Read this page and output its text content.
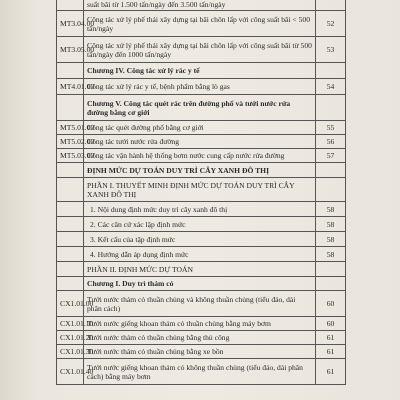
	suất bãi từ 1.500 tấn/ngày đến 3.500 tấn/ngày	
MT3.04.00	Công tác xử lý phế thải xây dựng tại bãi chôn lấp với công suất bãi < 500 tấn/ngày	52
MT3.05.00	Công tác xử lý phế thải xây dựng tại bãi chôn lấp với công suất bãi từ 500 tấn/ngày đến 1000 tấn/ngày	53
	Chương IV. Công tác xử lý rác y tế	
MT4.01.00	Công tác xử lý rác y tế, bệnh phẩm bằng lò gas	54
	Chương V. Công tác quét rác trên đường phố và tưới nước rửa đường bằng cơ giới	
MT5.01.00	Công tác quét đường phố bằng cơ giới	55
MT5.02.00	Công tác tưới nước rửa đường	56
MT5.03.00	Công tác vận hành hệ thống bơm nước cung cấp nước rửa đường	57
	ĐỊNH MỨC DỰ TOÁN DUY TRÌ CÂY XANH ĐÔ THỊ	
	PHẦN I. THUYẾT MINH ĐỊNH MỨC DỰ TOÁN DUY TRÌ CÂY XANH ĐÔ THỊ	
	1. Nội dung định mức duy trì cây xanh đô thị	58
	2. Các căn cứ xác lập định mức	58
	3. Kết cấu của tập định mức	58
	4. Hướng dẫn áp dụng định mức	58
	PHẦN II. ĐỊNH MỨC DỰ TOÁN	
	Chương I. Duy trì thảm cỏ	
CX1.01.00	Tưới nước thảm cỏ thuần chủng và không thuần chủng (tiểu đảo, dải phân cách)	60
CX1.01.10	Tưới nước giếng khoan thảm cỏ thuần chủng bằng máy bơm	60
CX1.01.20	Tưới nước thảm cỏ thuần chủng bằng thủ công	61
CX1.01.30	Tưới nước thảm cỏ thuần chủng bằng xe bồn	61
CX1.01.40	Tưới nước giếng khoan thảm cỏ không thuần chủng (tiểu đảo, dải phân cách) bằng máy bơm	61
